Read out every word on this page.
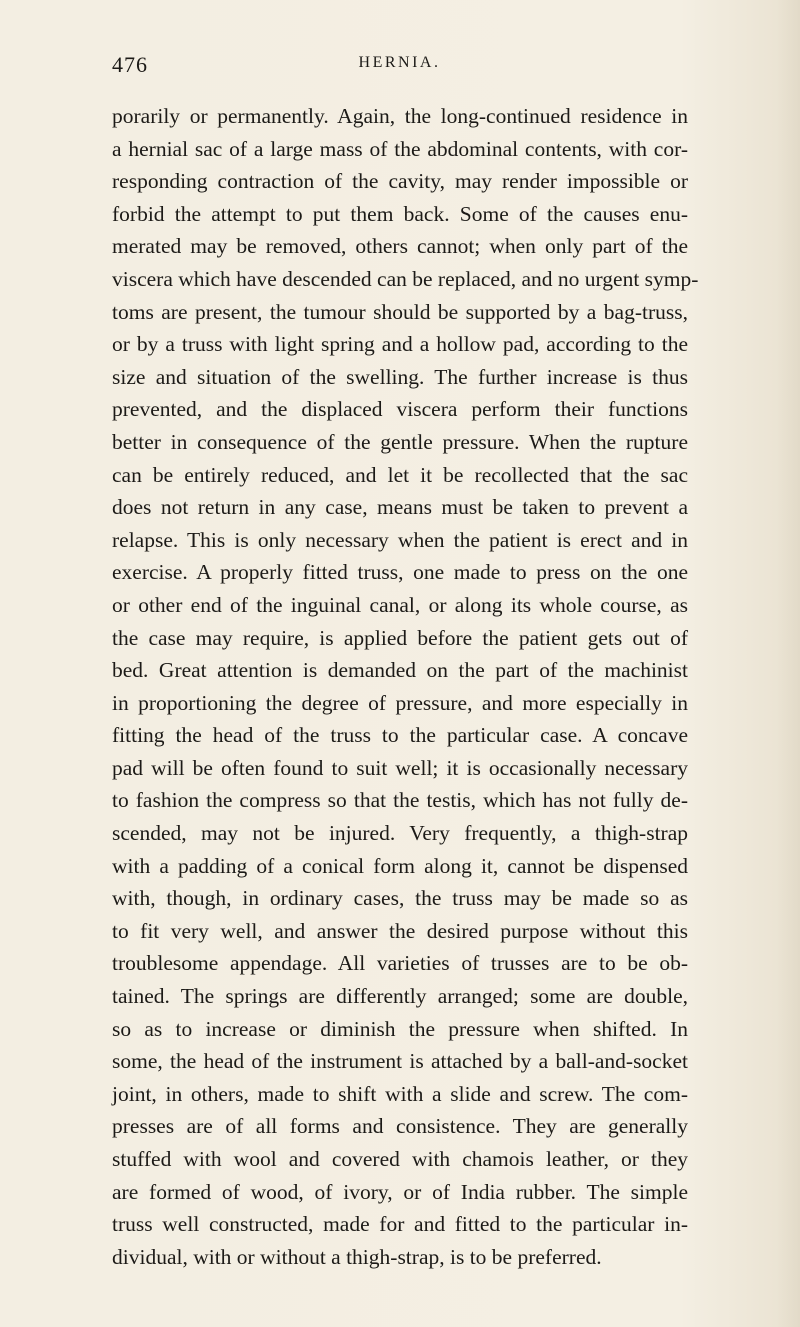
476	HERNIA.
porarily or permanently. Again, the long-continued residence in
a hernial sac of a large mass of the abdominal contents, with cor-
responding contraction of the cavity, may render impossible or
forbid the attempt to put them back. Some of the causes enu-
merated may be removed, others cannot; when only part of the
viscera which have descended can be replaced, and no urgent symp-
toms are present, the tumour should be supported by a bag-truss,
or by a truss with light spring and a hollow pad, according to the
size and situation of the swelling. The further increase is thus
prevented, and the displaced viscera perform their functions
better in consequence of the gentle pressure. When the rupture
can be entirely reduced, and let it be recollected that the sac
does not return in any case, means must be taken to prevent a
relapse. This is only necessary when the patient is erect and in
exercise. A properly fitted truss, one made to press on the one
or other end of the inguinal canal, or along its whole course, as
the case may require, is applied before the patient gets out of
bed. Great attention is demanded on the part of the machinist
in proportioning the degree of pressure, and more especially in
fitting the head of the truss to the particular case. A concave
pad will be often found to suit well; it is occasionally necessary
to fashion the compress so that the testis, which has not fully de-
scended, may not be injured. Very frequently, a thigh-strap
with a padding of a conical form along it, cannot be dispensed
with, though, in ordinary cases, the truss may be made so as
to fit very well, and answer the desired purpose without this
troublesome appendage. All varieties of trusses are to be ob-
tained. The springs are differently arranged; some are double,
so as to increase or diminish the pressure when shifted. In
some, the head of the instrument is attached by a ball-and-socket
joint, in others, made to shift with a slide and screw. The com-
presses are of all forms and consistence. They are generally
stuffed with wool and covered with chamois leather, or they
are formed of wood, of ivory, or of India rubber. The simple
truss well constructed, made for and fitted to the particular in-
dividual, with or without a thigh-strap, is to be preferred.
